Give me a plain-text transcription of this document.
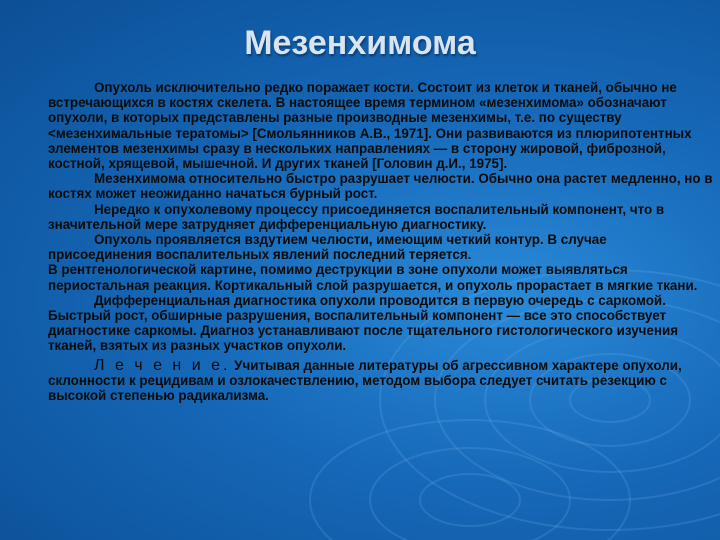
Мезенхимома

Опухоль исключительно редко поражает кости. Состоит из клеток и тканей, обычно не встречающихся в костях скелета. В настоящее время термином «мезенхимома» обозначают опухоли, в которых представлены разные производные мезенхимы, т.е. по существу <мезенхимальные тератомы> [Смольянников А.В., 1971]. Они развиваются из плюрипотентных элементов мезенхимы сразу в нескольких направлениях — в сторону жировой, фиброзной, костной, хрящевой, мышечной. И других тканей [Головин д.И., 1975].

Мезенхимома относительно быстро разрушает челюсти. Обычно она растет медленно, но в костях может неожиданно начаться бурный рост.

Нередко к опухолевому процессу присоединяется воспалительный компонент, что в значительной мере затрудняет дифференциальную диагностику.

Опухоль проявляется вздутием челюсти, имеющим четкий контур. В случае присоединения воспалительных явлений последний теряется.

В рентгенологической картине, помимо деструкции в зоне опухоли может выявляться периостальная реакция. Кортикальный слой разрушается, и опухоль прорастает в мягкие ткани.

Дифференциальная диагностика опухоли проводится в первую очередь с саркомой. Быстрый рост, обширные разрушения, воспалительный компонент — все это способствует диагностике саркомы. Диагноз устанавливают после тщательного гистологического изучения тканей, взятых из разных участков опухоли.

Л е ч е н и е. Учитывая данные литературы об агрессивном характере опухоли, склонности к рецидивам и озлокачествлению, методом выбора следует считать резекцию с высокой степенью радикализма.
